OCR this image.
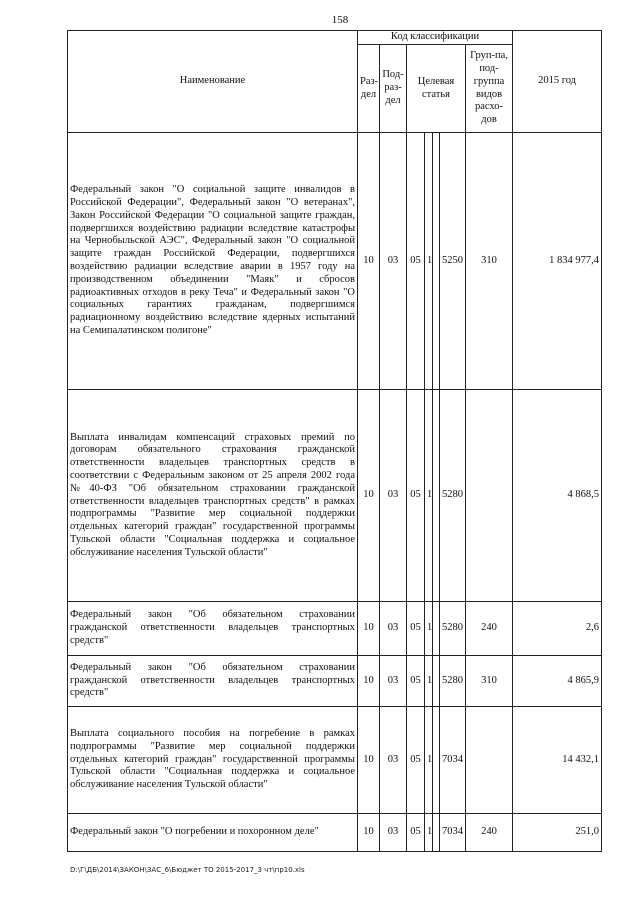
158
Наименование	Код классификации							2015 год
	Раз-дел	Под-раз-дел	Целевая статья				Груп-па, под-группа видов расхо-дов	
Федеральный закон "О социальной защите инвалидов в Российской Федерации", Федеральный закон "О ветеранах", Закон Российской Федерации "О социальной защите граждан, подвергшихся воздействию радиации вследствие катастрофы на Чернобыльской АЭС", Федеральный закон "О социальной защите граждан Российской Федерации, подвергшихся воздействию радиации вследствие аварии в 1957 году на производственном объединении "Маяк" и сбросов радиоактивных отходов в реку Теча" и Федеральный закон "О социальных гарантиях гражданам, подвергшимся радиационному воздействию вследствие ядерных испытаний на Семипалатинском полигоне"	10	03	05	1		5250	310	1 834 977,4
Выплата инвалидам компенсаций страховых премий по договорам обязательного страхования гражданской ответственности владельцев транспортных средств в соответствии с Федеральным законом от 25 апреля 2002 года №40-ФЗ "Об обязательном страховании гражданской ответственности владельцев транспортных средств" в рамках подпрограммы "Развитие мер социальной поддержки отдельных категорий граждан" государственной программы Тульской области "Социальная поддержка и социальное обслуживание населения Тульской области"	10	03	05	1		5280		4 868,5
Федеральный закон "Об обязательном страховании гражданской ответственности владельцев транспортных средств"	10	03	05	1		5280	240	2,6
Федеральный закон "Об обязательном страховании гражданской ответственности владельцев транспортных средств"	10	03	05	1		5280	310	4 865,9
Выплата социального пособия на погребение в рамках подпрограммы "Развитие мер социальной поддержки отдельных категорий граждан" государственной программы Тульской области "Социальная поддержка и социальное обслуживание населения Тульской области"	10	03	05	1		7034		14 432,1
Федеральный закон "О погребении и похоронном деле"	10	03	05	1		7034	240	251,0
D:\Г\ДБ\2014\ЗАКОН\ЗАС_6\Бюджет ТО 2015-2017_3 чт\пр10.xls
